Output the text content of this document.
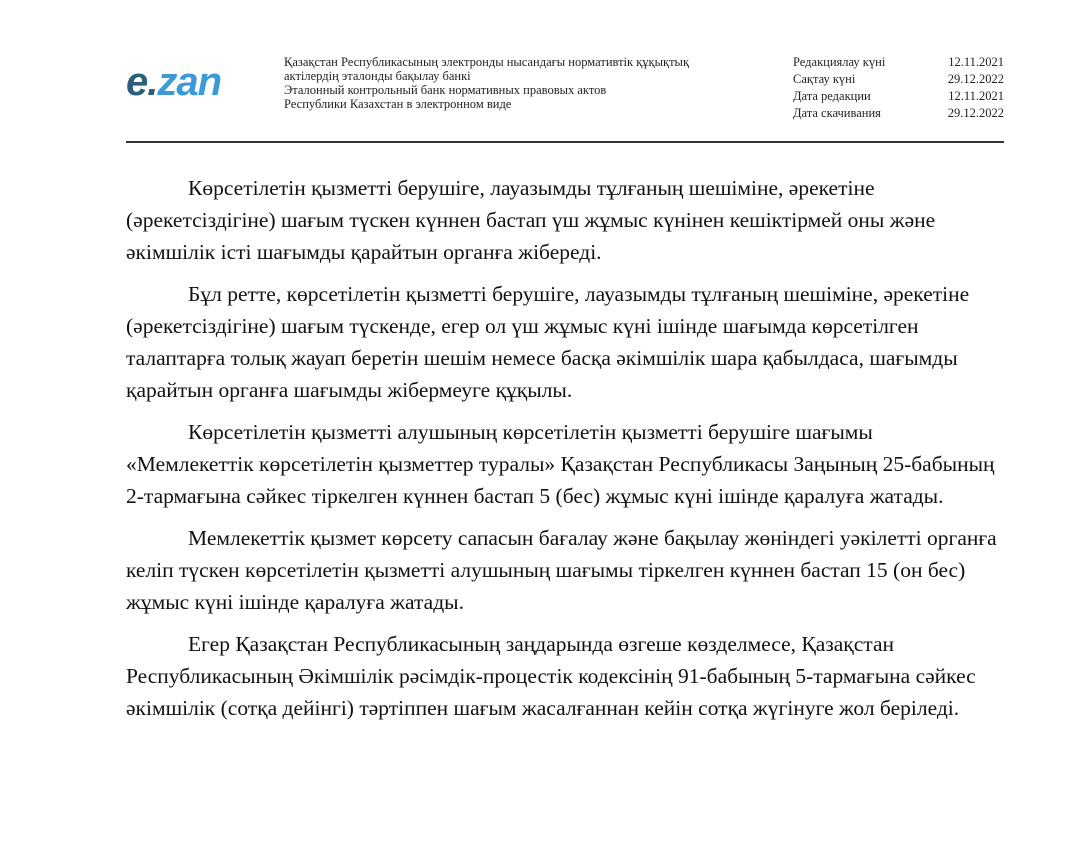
e.zan	Қазақстан Республикасының электронды нысандағы нормативтік құқықтық
актілердің эталонды бақылау банкі
Эталонный контрольный банк нормативных правовых актов
Республики Казахстан в электронном виде
Редакциялау күні	12.11.2021
Сақтау күні	29.12.2022
Дата редакции	12.11.2021
Дата скачивания	29.12.2022

Көрсетілетін қызметті берушіге, лауазымды тұлғаның шешіміне, әрекетіне (әрекетсіздігіне) шағым түскен күннен бастап үш жұмыс күнінен кешіктірмей оны және әкімшілік істі шағымды қарайтын органға жібереді.

Бұл ретте, көрсетілетін қызметті берушіге, лауазымды тұлғаның шешіміне, әрекетіне (әрекетсіздігіне) шағым түскенде, егер ол үш жұмыс күні ішінде шағымда көрсетілген талаптарға толық жауап беретін шешім немесе басқа әкімшілік шара қабылдаса, шағымды қарайтын органға шағымды жібермеуге құқылы.

Көрсетілетін қызметті алушының көрсетілетін қызметті берушіге шағымы «Мемлекеттік көрсетілетін қызметтер туралы» Қазақстан Республикасы Заңының 25-бабының 2-тармағына сәйкес тіркелген күннен бастап 5 (бес) жұмыс күні ішінде қаралуға жатады.

Мемлекеттік қызмет көрсету сапасын бағалау және бақылау жөніндегі уәкілетті органға келіп түскен көрсетілетін қызметті алушының шағымы тіркелген күннен бастап 15 (он бес) жұмыс күні ішінде қаралуға жатады.

Егер Қазақстан Республикасының заңдарында өзгеше көзделмесе, Қазақстан Республикасының Әкімшілік рәсімдік-процестік кодексінің 91-бабының 5-тармағына сәйкес әкімшілік (сотқа дейінгі) тәртіппен шағым жасалғаннан кейін сотқа жүгінуге жол беріледі.
